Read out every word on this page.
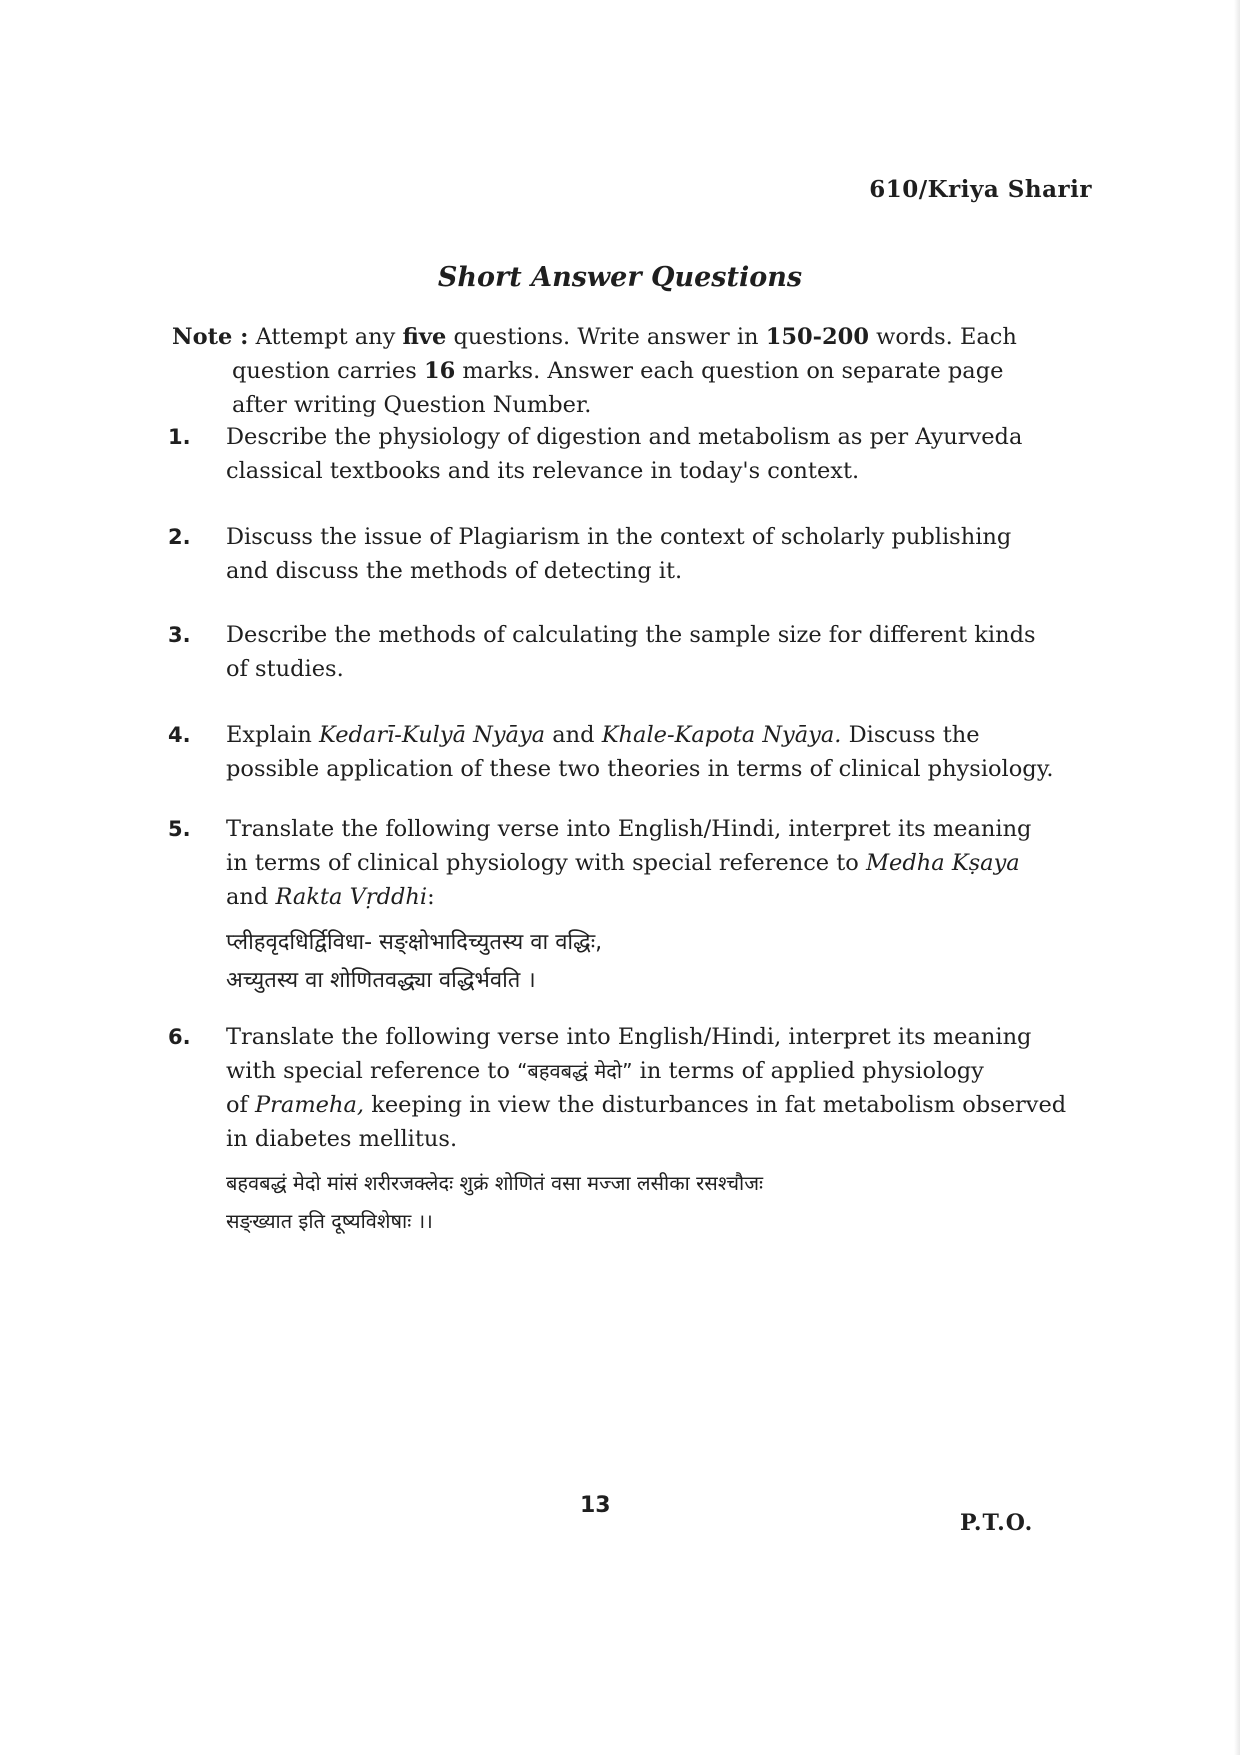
610/Kriya Sharir
Short Answer Questions
Note : Attempt any five questions. Write answer in 150-200 words. Each
question carries 16 marks. Answer each question on separate page
after writing Question Number.
1. Describe the physiology of digestion and metabolism as per Ayurveda
classical textbooks and its relevance in today's context.
2. Discuss the issue of Plagiarism in the context of scholarly publishing
and discuss the methods of detecting it.
3. Describe the methods of calculating the sample size for different kinds
of studies.
4. Explain Kedarī-Kulyā Nyāya and Khale-Kapota Nyāya. Discuss the
possible application of these two theories in terms of clinical physiology.
5. Translate the following verse into English/Hindi, interpret its meaning
in terms of clinical physiology with special reference to Medha Kṣaya
and Rakta Vṛddhi:
प्लीहवृदधिर्द्विविधा- सङ्क्षोभादिच्युतस्य वा वद्धिः,
अच्युतस्य वा शोणितवद्ध्या वद्धिर्भवति ।
6. Translate the following verse into English/Hindi, interpret its meaning
with special reference to “बहवबद्धं मेदो” in terms of applied physiology
of Prameha, keeping in view the disturbances in fat metabolism observed
in diabetes mellitus.
बहवबद्धं मेदो मांसं शरीरजक्लेदः शुक्रं शोणितं वसा मज्जा लसीका रसश्चौजः
सङ्ख्यात इति दूष्यविशेषाः ।।
13
P.T.O.
